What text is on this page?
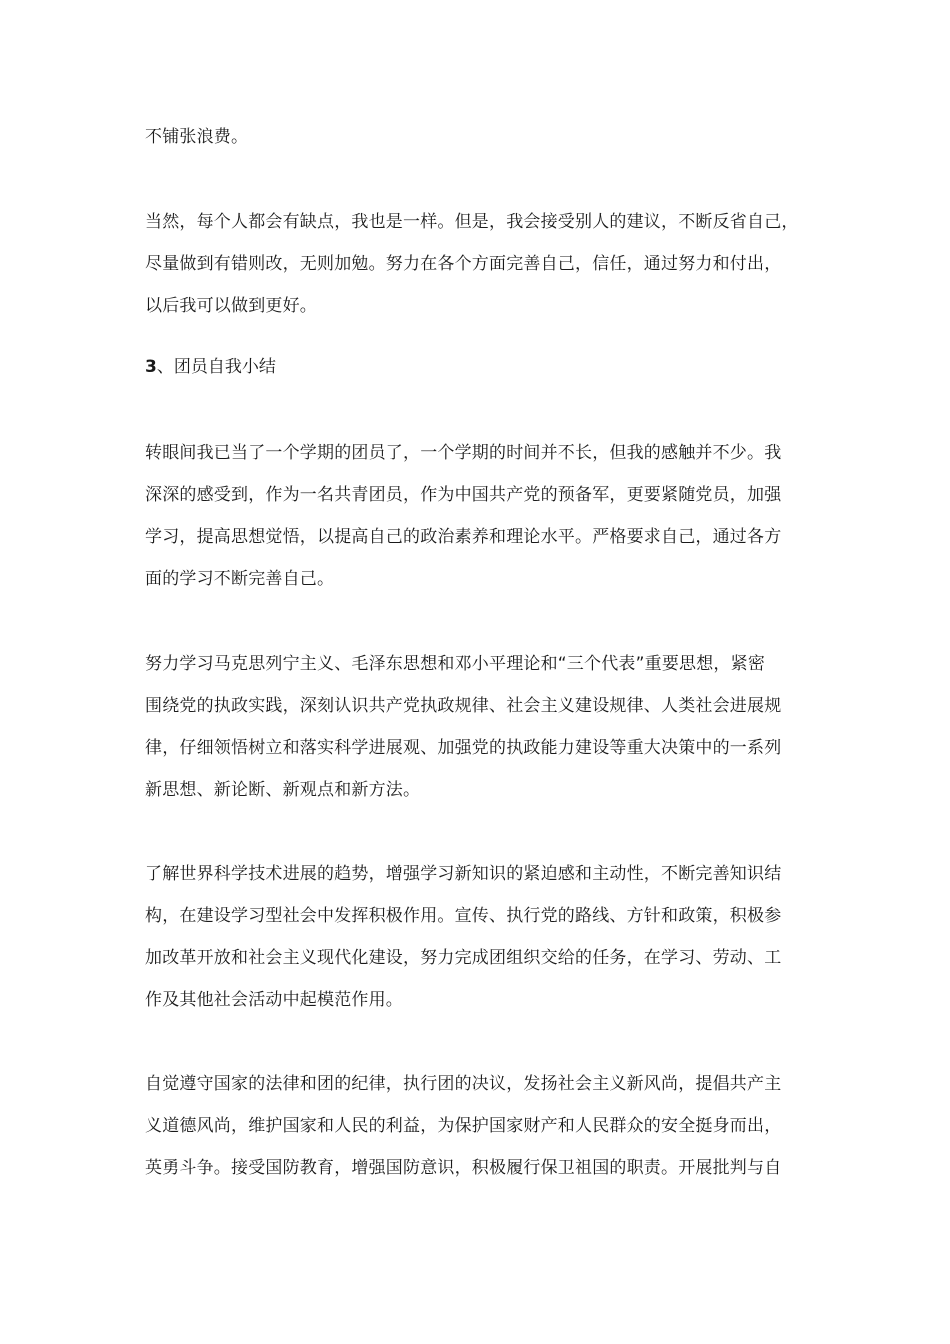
不铺张浪费。

当然，每个人都会有缺点，我也是一样。但是，我会接受别人的建议，不断反省自己，
尽量做到有错则改，无则加勉。努力在各个方面完善自己，信任，通过努力和付出，
以后我可以做到更好。

3、团员自我小结

转眼间我已当了一个学期的团员了，一个学期的时间并不长，但我的感触并不少。我
深深的感受到，作为一名共青团员，作为中国共产党的预备军，更要紧随党员，加强
学习，提高思想觉悟，以提高自己的政治素养和理论水平。严格要求自己，通过各方
面的学习不断完善自己。

努力学习马克思列宁主义、毛泽东思想和邓小平理论和“三个代表”重要思想，紧密
围绕党的执政实践，深刻认识共产党执政规律、社会主义建设规律、人类社会进展规
律，仔细领悟树立和落实科学进展观、加强党的执政能力建设等重大决策中的一系列
新思想、新论断、新观点和新方法。

了解世界科学技术进展的趋势，增强学习新知识的紧迫感和主动性，不断完善知识结
构，在建设学习型社会中发挥积极作用。宣传、执行党的路线、方针和政策，积极参
加改革开放和社会主义现代化建设，努力完成团组织交给的任务，在学习、劳动、工
作及其他社会活动中起模范作用。

自觉遵守国家的法律和团的纪律，执行团的决议，发扬社会主义新风尚，提倡共产主
义道德风尚，维护国家和人民的利益，为保护国家财产和人民群众的安全挺身而出，
英勇斗争。接受国防教育，增强国防意识，积极履行保卫祖国的职责。开展批判与自
